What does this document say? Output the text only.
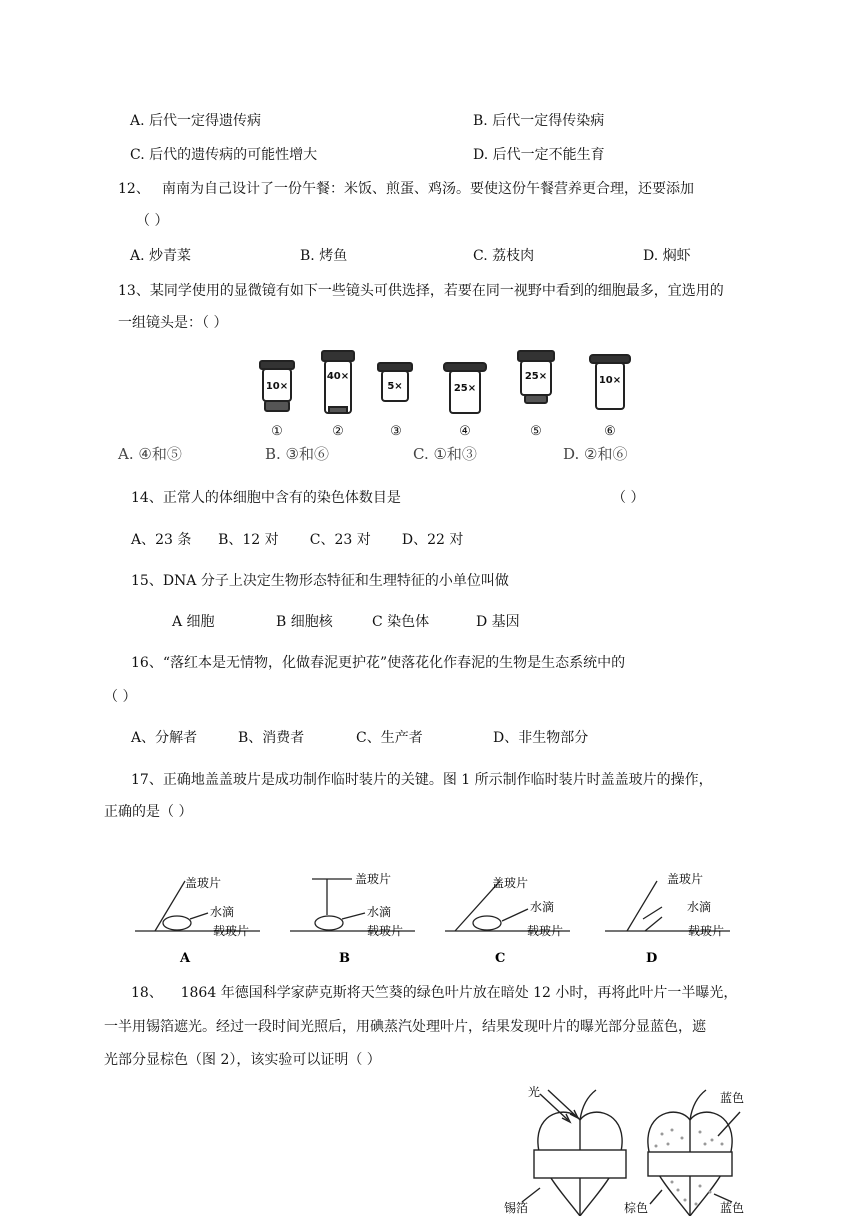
A. 后代一定得遗传病	B. 后代一定得传染病
C. 后代的遗传病的可能性增大	D. 后代一定不能生育
12、 南南为自己设计了一份午餐：米饭、煎蛋、鸡汤。要使这份午餐营养更合理，还要添加
（ ）
A. 炒青菜	B. 烤鱼	C. 荔枝肉	D. 焖虾
13、某同学使用的显微镜有如下一些镜头可供选择，若要在同一视野中看到的细胞最多，宜选用的
一组镜头是：（ ）
10×
①
40×
②
5×
③
25×
④
25×
⑤
10×
⑥
A. ④和⑤	B. ③和⑥	C. ①和③	D. ②和⑥
14、正常人的体细胞中含有的染色体数目是	（ ）
A、23 条      B、12 对       C、23 对       D、22 对
15、DNA 分子上决定生物形态特征和生理特征的小单位叫做
A 细胞	B 细胞核	C 染色体	D 基因
16、“落红本是无情物，化做春泥更护花”使落花化作春泥的生物是生态系统中的
（ ）
A、分解者	B、消费者	C、生产者	D、非生物部分
17、正确地盖盖玻片是成功制作临时装片的关键。图 1 所示制作临时装片时盖盖玻片的操作，
正确的是（ ）
盖玻片
水滴
载玻片
A
盖玻片
水滴
载玻片
B
盖玻片
水滴
载玻片
C
盖玻片
水滴
载玻片
D
18、    1864 年德国科学家萨克斯将天竺葵的绿色叶片放在暗处 12 小时，再将此叶片一半曝光，
一半用锡箔遮光。经过一段时间光照后，用碘蒸汽处理叶片，结果发现叶片的曝光部分显蓝色，遮
光部分显棕色（图 2），该实验可以证明（ ）
光
锡箔
蓝色
棕色	蓝色
